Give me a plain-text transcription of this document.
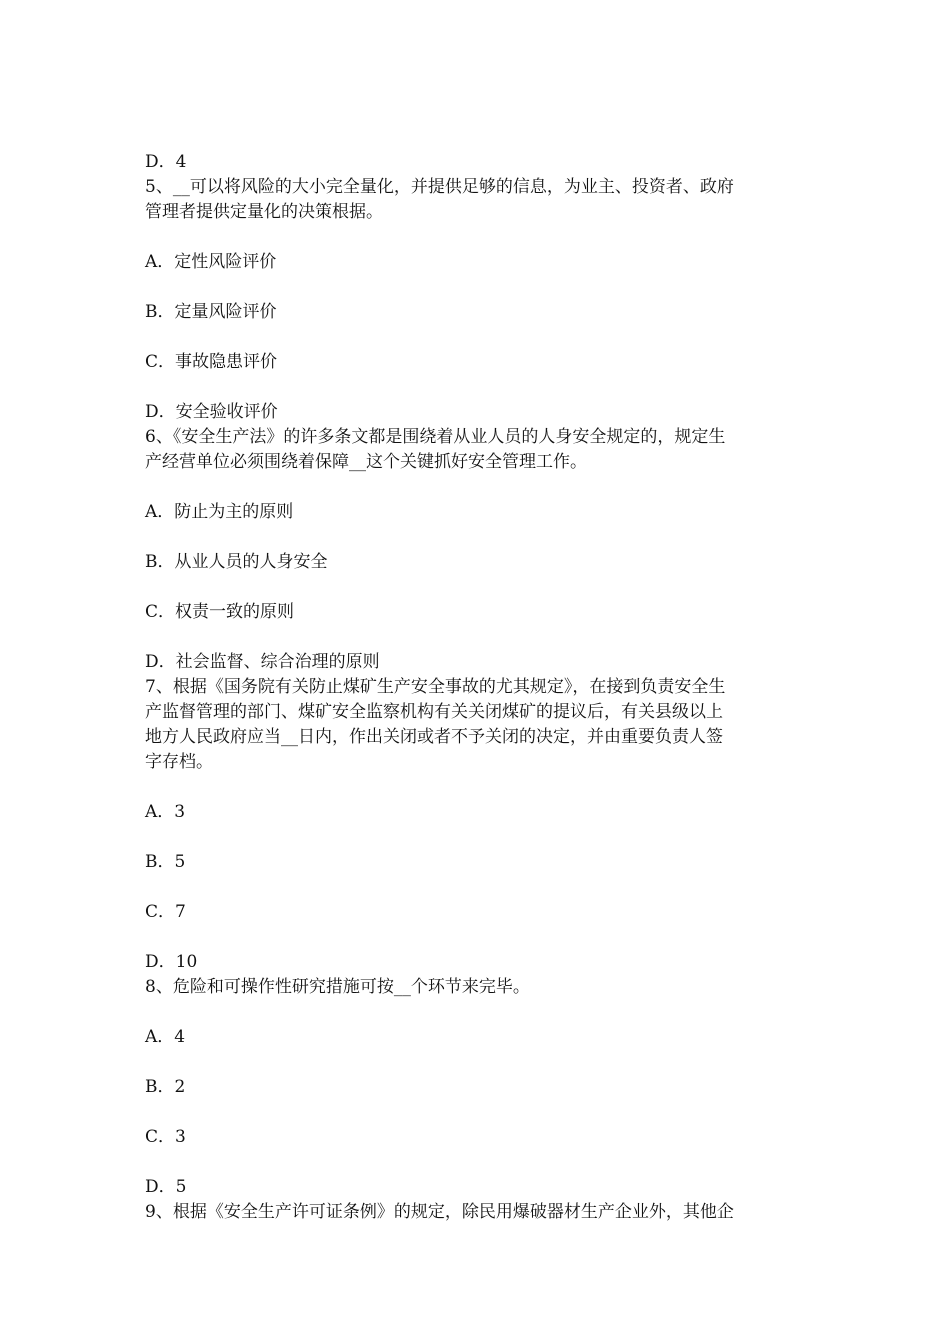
D．4
5、__可以将风险的大小完全量化，并提供足够的信息，为业主、投资者、政府
管理者提供定量化的决策根据。
A．定性风险评价
B．定量风险评价
C．事故隐患评价
D．安全验收评价
6、《安全生产法》的许多条文都是围绕着从业人员的人身安全规定的，规定生
产经营单位必须围绕着保障__这个关键抓好安全管理工作。
A．防止为主的原则
B．从业人员的人身安全
C．权责一致的原则
D．社会监督、综合治理的原则
7、根据《国务院有关防止煤矿生产安全事故的尤其规定》，在接到负责安全生
产监督管理的部门、煤矿安全监察机构有关关闭煤矿的提议后，有关县级以上
地方人民政府应当__日内，作出关闭或者不予关闭的决定，并由重要负责人签
字存档。
A．3
B．5
C．7
D．10
8、危险和可操作性研究措施可按__个环节来完毕。
A．4
B．2
C．3
D．5
9、根据《安全生产许可证条例》的规定，除民用爆破器材生产企业外，其他企
